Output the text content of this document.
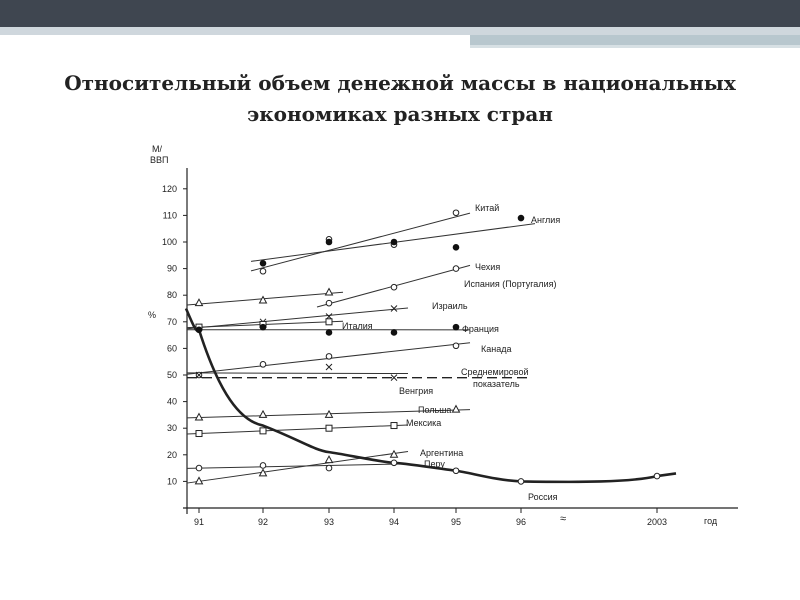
Относительный объем денежной массы в национальных
экономиках разных стран
М/
ВВП
%
год
10
20
30
40
50
60
70
80
90
100
110
120
91	92	93	94	95	96	2003
≈
Среднемировой
показатель
Китай
Англия
Чехия
Испания (Португалия)
Израиль
Италия	Франция
Канада
Венгрия
Польша
Мексика
Аргентина
Перу
Россия
